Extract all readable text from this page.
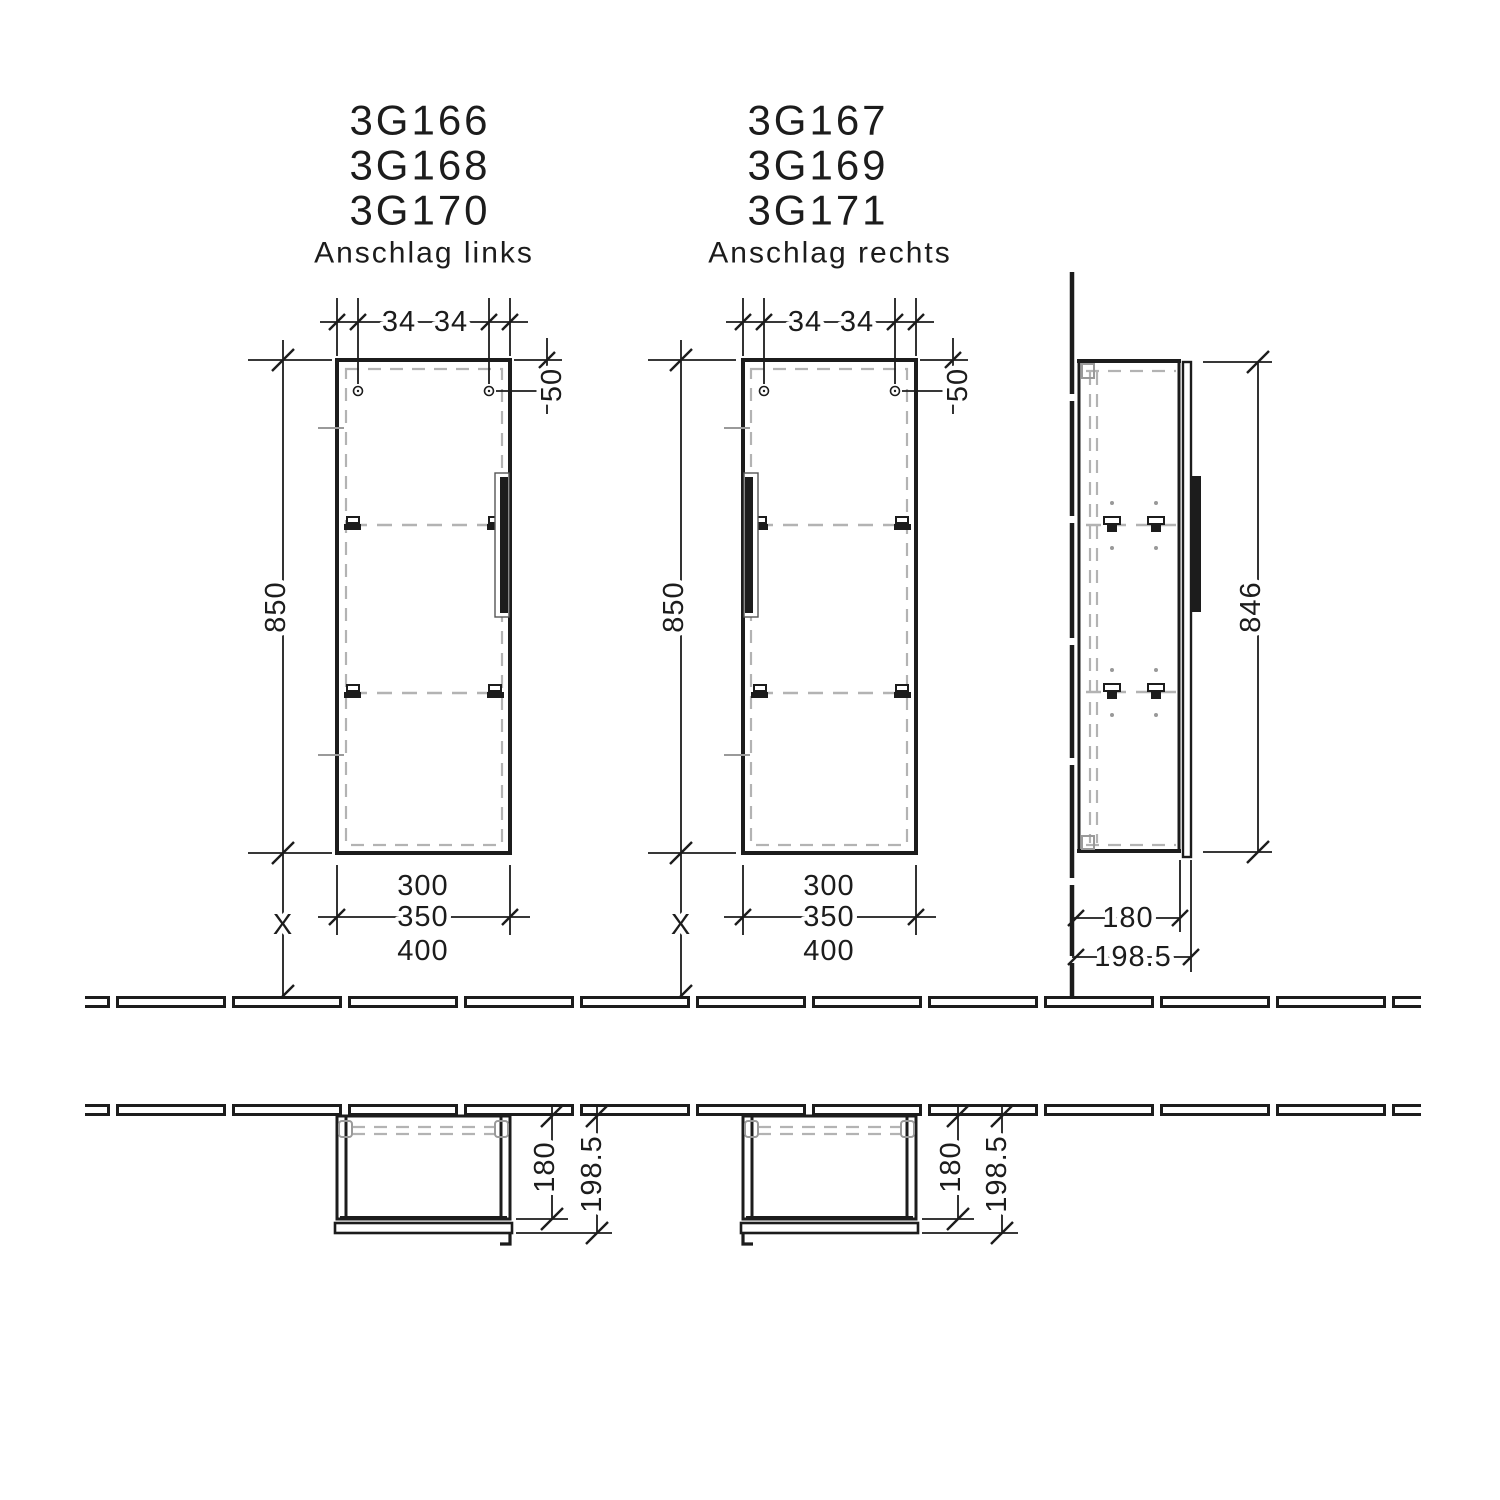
3G166
3G168
3G170
Anschlag links
3G167
3G169
3G171
Anschlag rechts
34 34
50
850
X
300
350
400
34 34
50
850
X
300
350
400
846
180
198.5
180 198.5	180 198.5
